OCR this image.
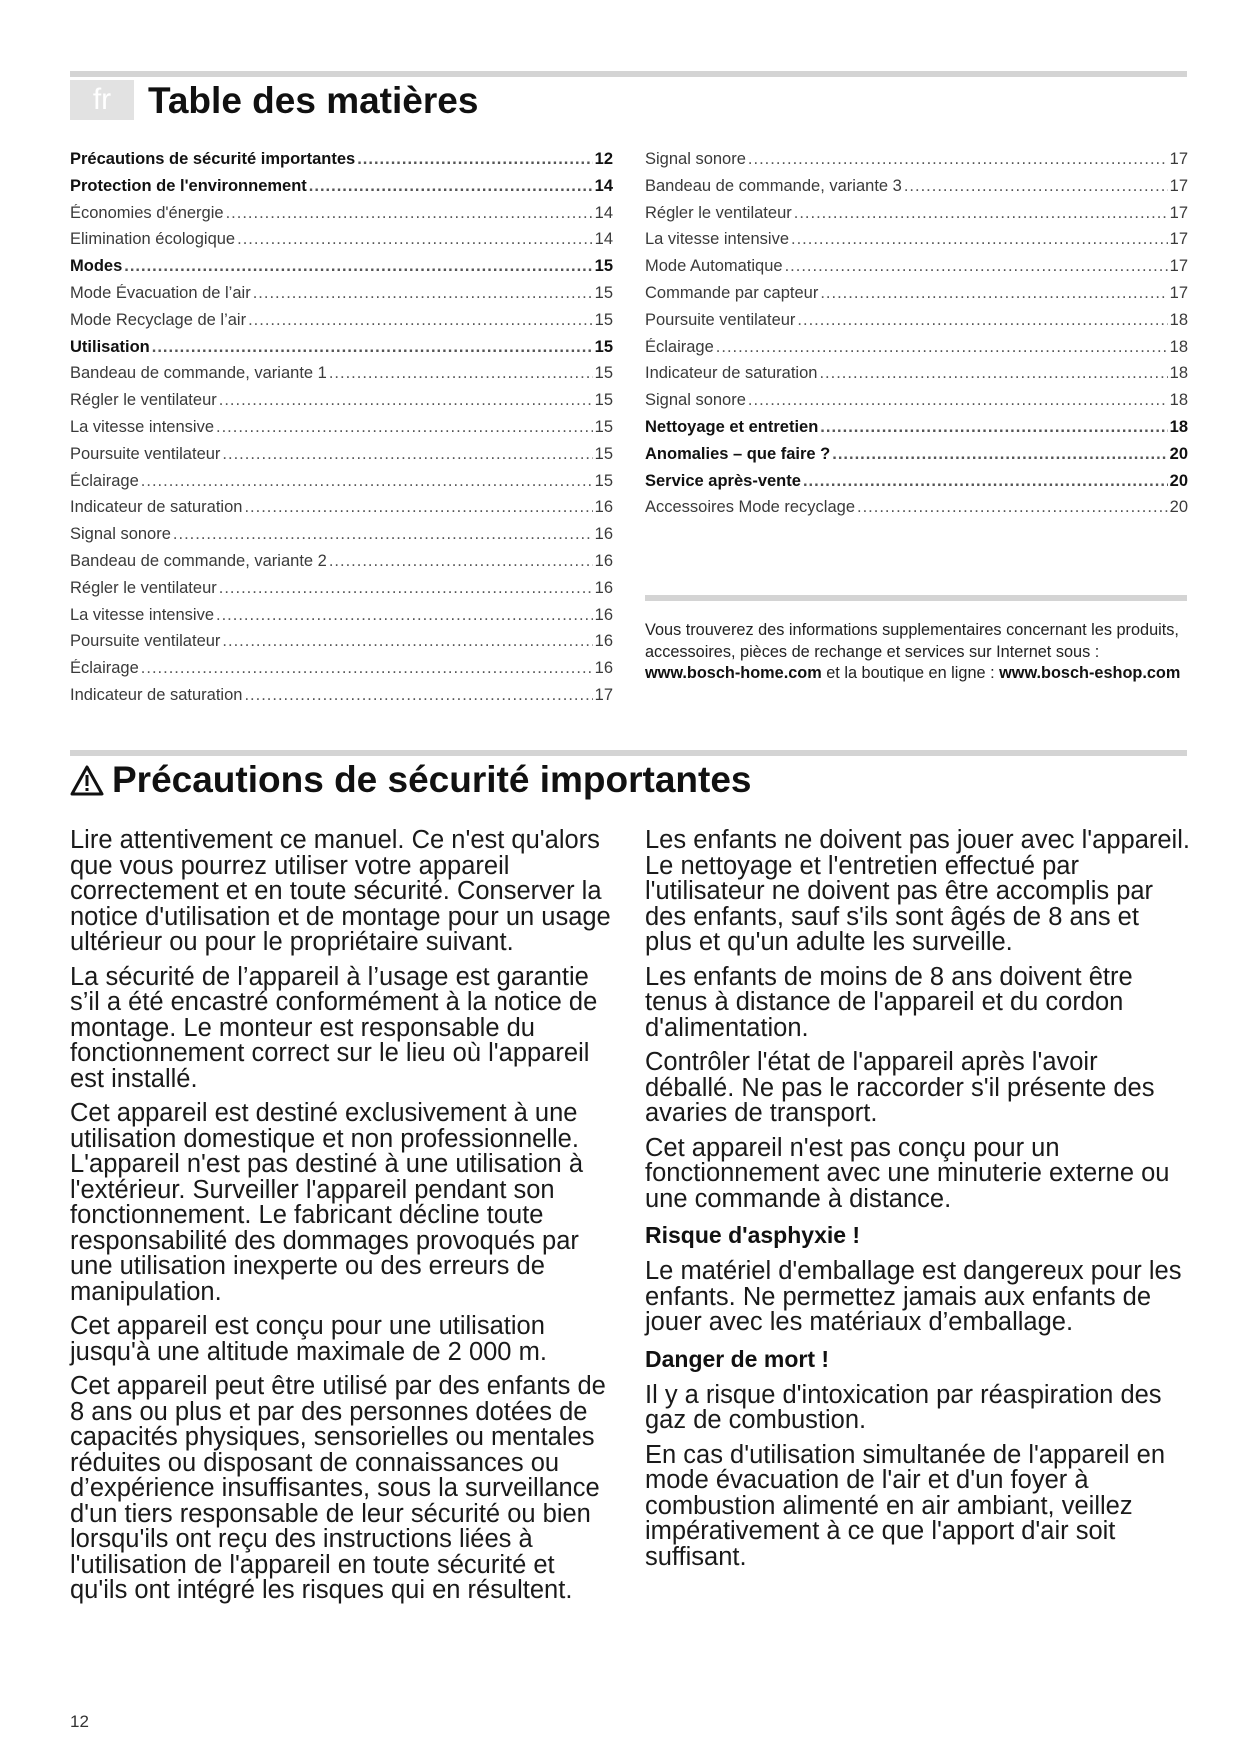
fr Table des matières
Précautions de sécurité importantes .....	12
Protection de l'environnement .....	14
Économies d'énergie .....	14
Elimination écologique .....	14
Modes .....	15
Mode Évacuation de l’air .....	15
Mode Recyclage de l’air .....	15
Utilisation .....	15
Bandeau de commande, variante 1 .....	15
Régler le ventilateur .....	15
La vitesse intensive .....	15
Poursuite ventilateur .....	15
Éclairage .....	15
Indicateur de saturation .....	16
Signal sonore .....	16
Bandeau de commande, variante 2 .....	16
Régler le ventilateur .....	16
La vitesse intensive .....	16
Poursuite ventilateur .....	16
Éclairage .....	16
Indicateur de saturation .....	17
Signal sonore .....	17
Bandeau de commande, variante 3 .....	17
Régler le ventilateur .....	17
La vitesse intensive .....	17
Mode Automatique .....	17
Commande par capteur .....	17
Poursuite ventilateur .....	18
Éclairage .....	18
Indicateur de saturation .....	18
Signal sonore .....	18
Nettoyage et entretien .....	18
Anomalies – que faire ? .....	20
Service après-vente .....	20
Accessoires Mode recyclage .....	20
Vous trouverez des informations supplementaires concernant les produits, accessoires, pièces de rechange et services sur Internet sous : www.bosch-home.com et la boutique en ligne : www.bosch-eshop.com
Précautions de sécurité importantes

Lire attentivement ce manuel. Ce n'est qu'alors que vous pourrez utiliser votre appareil correctement et en toute sécurité. Conserver la notice d'utilisation et de montage pour un usage ultérieur ou pour le propriétaire suivant.

La sécurité de l’appareil à l’usage est garantie s’il a été encastré conformément à la notice de montage. Le monteur est responsable du fonctionnement correct sur le lieu où l'appareil est installé.

Cet appareil est destiné exclusivement à une utilisation domestique et non professionnelle. L'appareil n'est pas destiné à une utilisation à l'extérieur. Surveiller l'appareil pendant son fonctionnement. Le fabricant décline toute responsabilité des dommages provoqués par une utilisation inexperte ou des erreurs de manipulation.

Cet appareil est conçu pour une utilisation jusqu'à une altitude maximale de 2 000 m.

Cet appareil peut être utilisé par des enfants de 8 ans ou plus et par des personnes dotées de capacités physiques, sensorielles ou mentales réduites ou disposant de connaissances ou d’expérience insuffisantes, sous la surveillance d'un tiers responsable de leur sécurité ou bien lorsqu'ils ont reçu des instructions liées à l'utilisation de l'appareil en toute sécurité et qu'ils ont intégré les risques qui en résultent.

Les enfants ne doivent pas jouer avec l'appareil. Le nettoyage et l'entretien effectué par l'utilisateur ne doivent pas être accomplis par des enfants, sauf s'ils sont âgés de 8 ans et plus et qu'un adulte les surveille.

Les enfants de moins de 8 ans doivent être tenus à distance de l'appareil et du cordon d'alimentation.

Contrôler l'état de l'appareil après l'avoir déballé. Ne pas le raccorder s'il présente des avaries de transport.

Cet appareil n'est pas conçu pour un fonctionnement avec une minuterie externe ou une commande à distance.

Risque d'asphyxie !

Le matériel d'emballage est dangereux pour les enfants. Ne permettez jamais aux enfants de jouer avec les matériaux d’emballage.

Danger de mort !

Il y a risque d'intoxication par réaspiration des gaz de combustion.

En cas d'utilisation simultanée de l'appareil en mode évacuation de l'air et d'un foyer à combustion alimenté en air ambiant, veillez impérativement à ce que l'apport d'air soit suffisant.

12
